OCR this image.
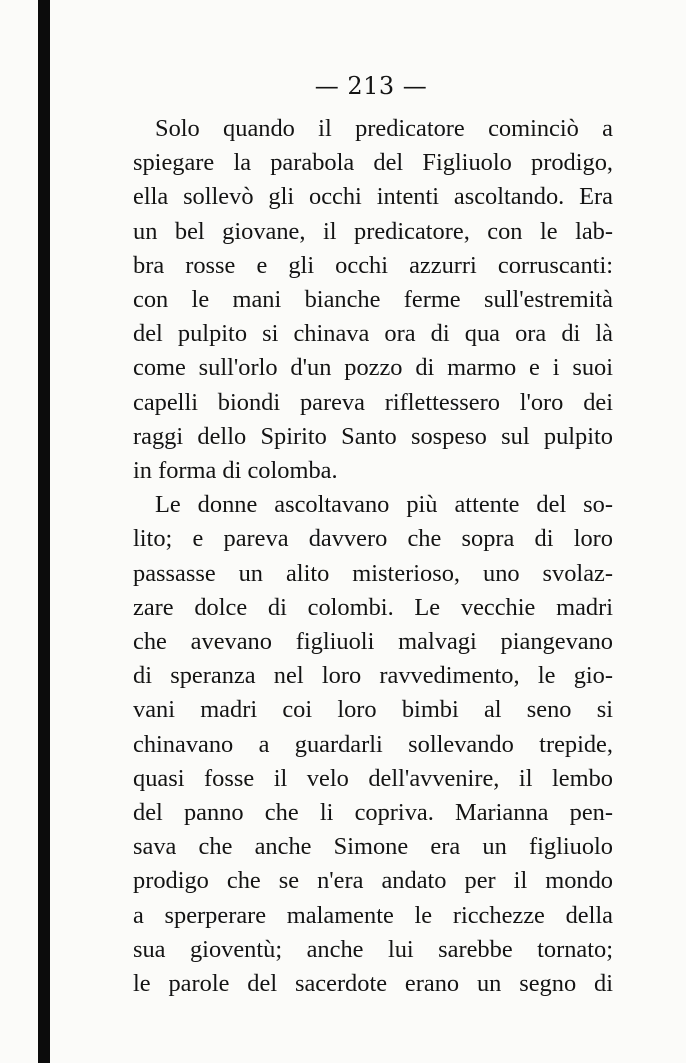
— 213 —
Solo quando il predicatore cominciò a
spiegare la parabola del Figliuolo prodigo,
ella sollevò gli occhi intenti ascoltando. Era
un bel giovane, il predicatore, con le lab-
bra rosse e gli occhi azzurri corruscanti:
con le mani bianche ferme sull'estremità
del pulpito si chinava ora di qua ora di là
come sull'orlo d'un pozzo di marmo e i suoi
capelli biondi pareva riflettessero l'oro dei
raggi dello Spirito Santo sospeso sul pulpito
in forma di colomba.
Le donne ascoltavano più attente del so-
lito; e pareva davvero che sopra di loro
passasse un alito misterioso, uno svolaz-
zare dolce di colombi. Le vecchie madri
che avevano figliuoli malvagi piangevano
di speranza nel loro ravvedimento, le gio-
vani madri coi loro bimbi al seno si
chinavano a guardarli sollevando trepide,
quasi fosse il velo dell'avvenire, il lembo
del panno che li copriva. Marianna pen-
sava che anche Simone era un figliuolo
prodigo che se n'era andato per il mondo
a sperperare malamente le ricchezze della
sua gioventù; anche lui sarebbe tornato;
le parole del sacerdote erano un segno di
